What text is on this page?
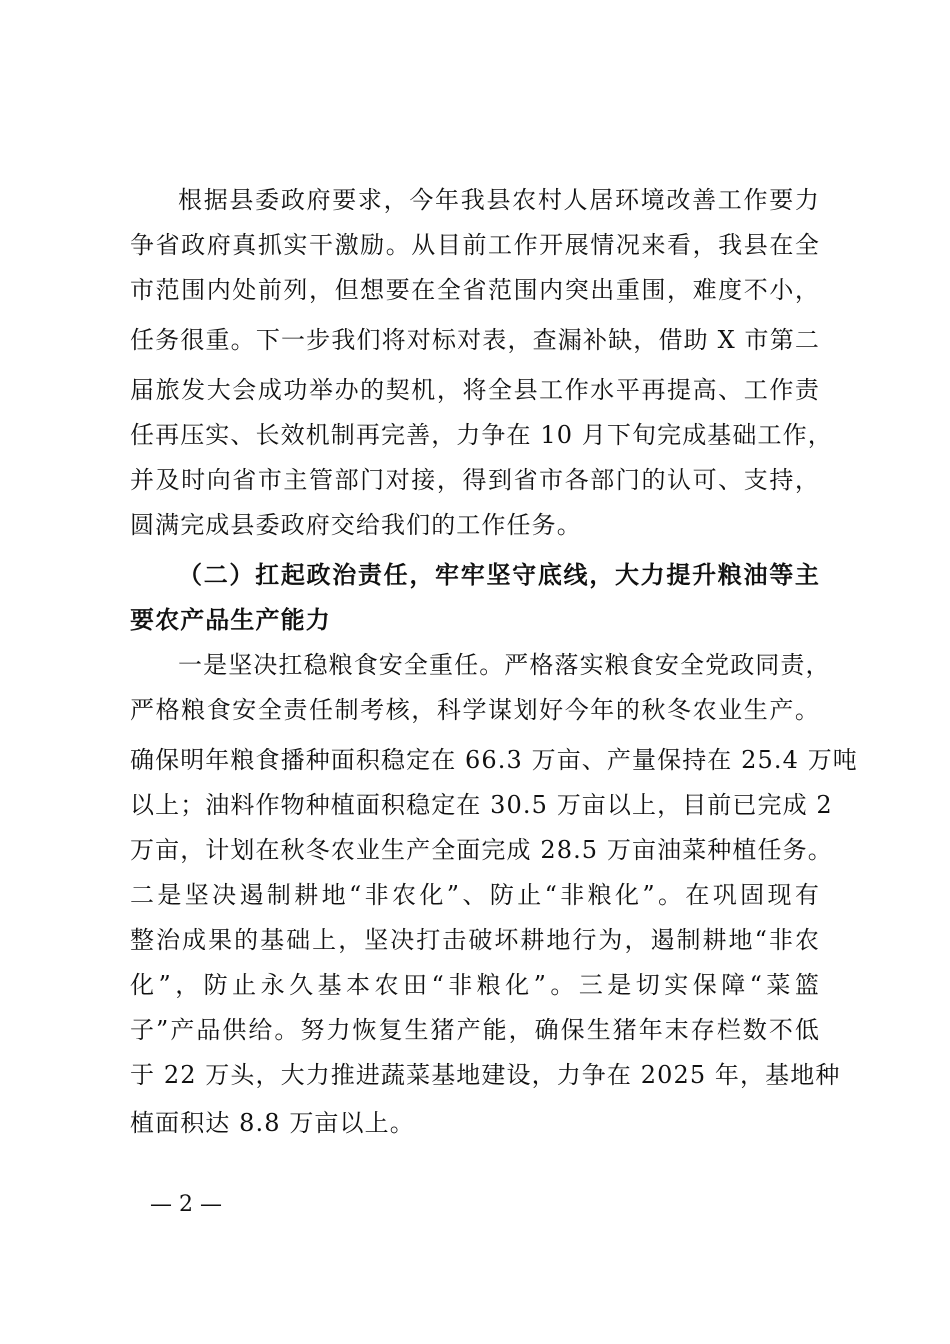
根据县委政府要求，今年我县农村人居环境改善工作要力
争省政府真抓实干激励。从目前工作开展情况来看，我县在全
市范围内处前列，但想要在全省范围内突出重围，难度不小，
任务很重。下一步我们将对标对表，查漏补缺，借助 X 市第二
届旅发大会成功举办的契机，将全县工作水平再提高、工作责
任再压实、长效机制再完善，力争在 10 月下旬完成基础工作，
并及时向省市主管部门对接，得到省市各部门的认可、支持，
圆满完成县委政府交给我们的工作任务。
（二）扛起政治责任，牢牢坚守底线，大力提升粮油等主
要农产品生产能力
一是坚决扛稳粮食安全重任。严格落实粮食安全党政同责，
严格粮食安全责任制考核，科学谋划好今年的秋冬农业生产。
确保明年粮食播种面积稳定在 66.3 万亩、产量保持在 25.4 万吨
以上；油料作物种植面积稳定在 30.5 万亩以上，目前已完成 2
万亩，计划在秋冬农业生产全面完成 28.5 万亩油菜种植任务。
二是坚决遏制耕地“非农化”、防止“非粮化”。在巩固现有
整治成果的基础上，坚决打击破坏耕地行为，遏制耕地“非农
化”，防止永久基本农田“非粮化”。三是切实保障“菜篮
子”产品供给。努力恢复生猪产能，确保生猪年末存栏数不低
于 22 万头，大力推进蔬菜基地建设，力争在 2025 年，基地种
植面积达 8.8 万亩以上。
— 2 —
